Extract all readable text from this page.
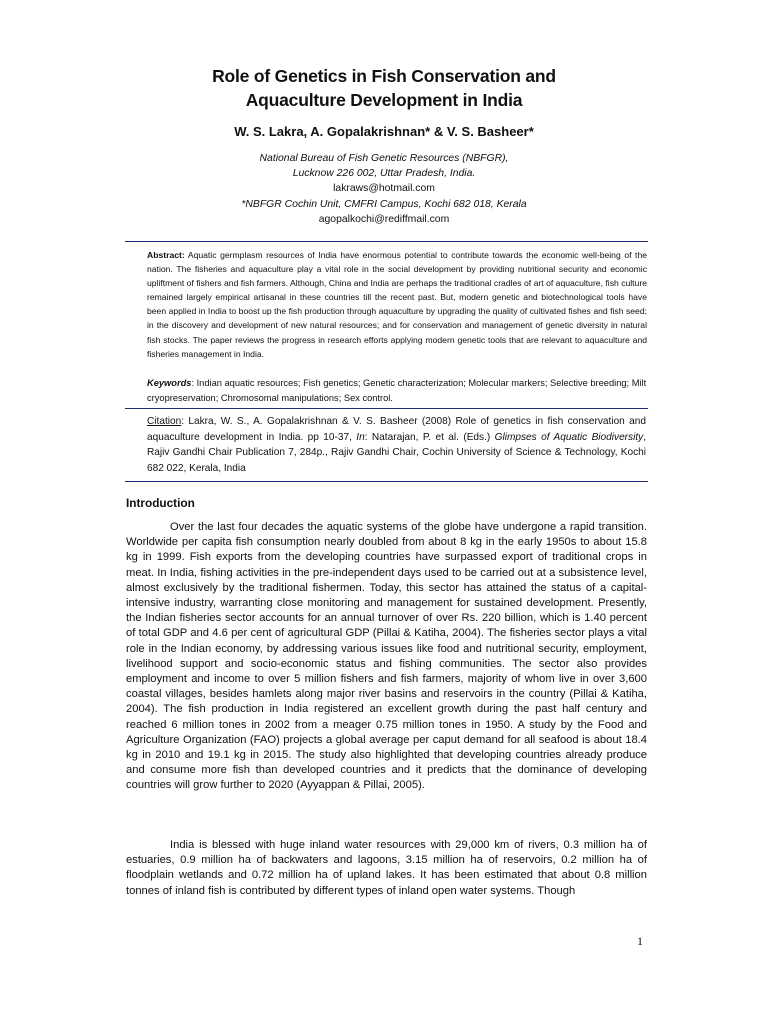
Role of Genetics in Fish Conservation and
Aquaculture Development in India
W. S. Lakra, A. Gopalakrishnan* & V. S. Basheer*
National Bureau of Fish Genetic Resources (NBFGR),
Lucknow 226 002, Uttar Pradesh, India.
lakraws@hotmail.com
*NBFGR Cochin Unit, CMFRI Campus, Kochi 682 018, Kerala
agopalkochi@rediffmail.com
Abstract: Aquatic germplasm resources of India have enormous potential to contribute towards the economic well-being of the nation. The fisheries and aquaculture play a vital role in the social development by providing nutritional security and economic upliftment of fishers and fish farmers. Although, China and India are perhaps the traditional cradles of art of aquaculture, fish culture remained largely empirical artisanal in these countries till the recent past. But, modern genetic and biotechnological tools have been applied in India to boost up the fish production through aquaculture by upgrading the quality of cultivated fishes and fish seed; in the discovery and development of new natural resources; and for conservation and management of genetic diversity in natural fish stocks. The paper reviews the progress in research efforts applying modern genetic tools that are relevant to aquaculture and fisheries management in India.
Keywords: Indian aquatic resources; Fish genetics; Genetic characterization; Molecular markers; Selective breeding; Milt cryopreservation; Chromosomal manipulations; Sex control.
Citation: Lakra, W. S., A. Gopalakrishnan & V. S. Basheer (2008) Role of genetics in fish conservation and aquaculture development in India. pp 10-37, In: Natarajan, P. et al. (Eds.) Glimpses of Aquatic Biodiversity, Rajiv Gandhi Chair Publication 7, 284p., Rajiv Gandhi Chair, Cochin University of Science & Technology, Kochi 682 022, Kerala, India
Introduction
Over the last four decades the aquatic systems of the globe have undergone a rapid transition. Worldwide per capita fish consumption nearly doubled from about 8 kg in the early 1950s to about 15.8 kg in 1999. Fish exports from the developing countries have surpassed export of traditional crops in meat. In India, fishing activities in the pre-independent days used to be carried out at a subsistence level, almost exclusively by the traditional fishermen. Today, this sector has attained the status of a capital-intensive industry, warranting close monitoring and management for sustained development. Presently, the Indian fisheries sector accounts for an annual turnover of over Rs. 220 billion, which is 1.40 percent of total GDP and 4.6 per cent of agricultural GDP (Pillai & Katiha, 2004). The fisheries sector plays a vital role in the Indian economy, by addressing various issues like food and nutritional security, employment, livelihood support and socio-economic status and fishing communities. The sector also provides employment and income to over 5 million fishers and fish farmers, majority of whom live in over 3,600 coastal villages, besides hamlets along major river basins and reservoirs in the country (Pillai & Katiha, 2004). The fish production in India registered an excellent growth during the past half century and reached 6 million tones in 2002 from a meager 0.75 million tones in 1950. A study by the Food and Agriculture Organization (FAO) projects a global average per caput demand for all seafood is about 18.4 kg in 2010 and 19.1 kg in 2015. The study also highlighted that developing countries already produce and consume more fish than developed countries and it predicts that the dominance of developing countries will grow further to 2020 (Ayyappan & Pillai, 2005).
India is blessed with huge inland water resources with 29,000 km of rivers, 0.3 million ha of estuaries, 0.9 million ha of backwaters and lagoons, 3.15 million ha of reservoirs, 0.2 million ha of floodplain wetlands and 0.72 million ha of upland lakes. It has been estimated that about 0.8 million tonnes of inland fish is contributed by different types of inland open water systems. Though
1
